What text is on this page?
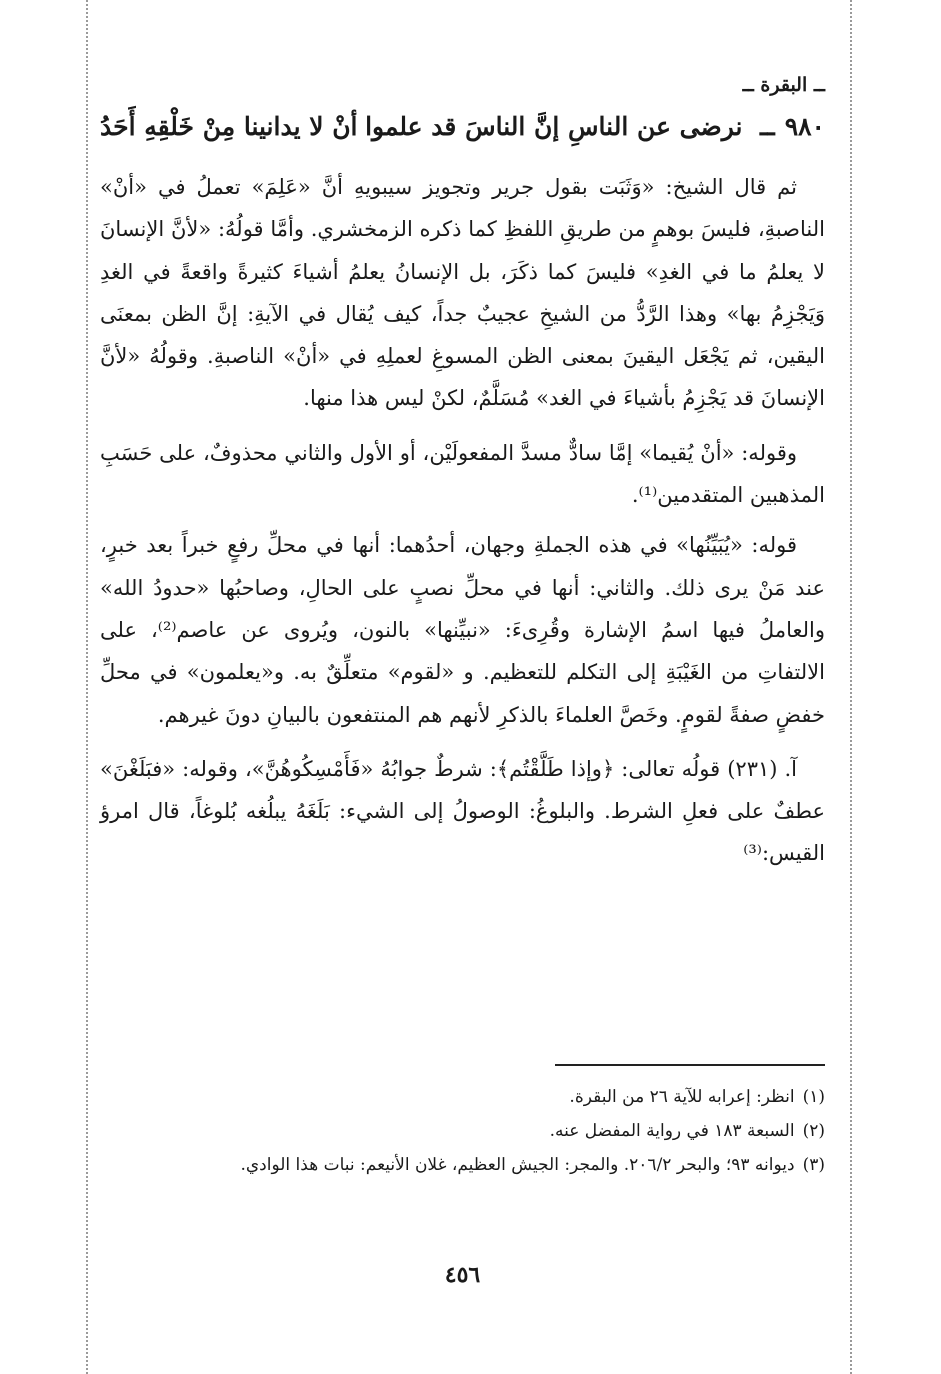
ــ البقرة ــ
٩٨٠ــ
نرضى عن الناسِ إنَّ الناسَ قد علموا
أنْ لا يدانينا مِنْ خَلْقِهِ أَحَدُ

ثم قال الشيخ: «وَثَبَت بقول جرير وتجويز سيبويهِ أنَّ «عَلِمَ» تعملُ في «أنْ» الناصبةِ، فليسَ بوهمٍ من طريقِ اللفظِ كما ذكره الزمخشري. وأمَّا قولُهُ: «لأنَّ الإنسانَ لا يعلمُ ما في الغدِ» فليسَ كما ذكَرَ، بل الإنسانُ يعلمُ أشياءَ كثيرةً واقعةً في الغدِ وَيَجْزِمُ بها» وهذا الرَّدُّ من الشيخِ عجيبٌ جداً، كيف يُقال في الآيةِ: إنَّ الظن بمعنَى اليقين، ثم يَجْعَل اليقينَ بمعنى الظن المسوغِ لعملِهِ في «أنْ» الناصبةِ. وقولُهُ «لأنَّ الإنسانَ قد يَجْزِمُ بأشياءَ في الغد» مُسَلَّمٌ، لكنْ ليس هذا منها.

وقوله: «أنْ يُقيما» إمَّا سادٌّ مسدَّ المفعولَيْن، أو الأول والثاني محذوفٌ، على حَسَبِ المذهبين المتقدمين⁽¹⁾.

قوله: «يُبَيِّنُها» في هذه الجملةِ وجهان، أحدُهما: أنها في محلِّ رفعٍ خبراً بعد خبرٍ، عند مَنْ يرى ذلك. والثاني: أنها في محلِّ نصبٍ على الحالِ، وصاحبُها «حدودُ الله» والعاملُ فيها اسمُ الإشارة وقُرِىءَ: «نبيِّنها» بالنون، ويُروى عن عاصم⁽²⁾، على الالتفاتِ من الغَيْبَةِ إلى التكلم للتعظيم. و «لقوم» متعلِّقٌ به. و«يعلمون» في محلِّ خفضٍ صفةً لقومٍ. وخَصَّ العلماءَ بالذكرِ لأنهم هم المنتفعون بالبيانِ دونَ غيرهم.

آ. (٢٣١) قولُه تعالى: ﴿وإذا طَلَّقْتُم﴾: شرطٌ جوابُهُ «فَأَمْسِكُوهُنَّ»، وقوله: «فبَلَغْنَ» عطفٌ على فعلِ الشرط. والبلوغُ: الوصولُ إلى الشيء: بَلَغَهُ يبلُغه بُلوغاً، قال امرؤ القيس:⁽³⁾

(١)
انظر: إعرابه للآية ٢٦ من البقرة.
(٢)
السبعة ١٨٣ في رواية المفضل عنه.
(٣)
ديوانه ٩٣؛ والبحر ٢٠٦/٢. والمجر: الجيش العظيم، غلان الأنيعم: نبات هذا الوادي.
٤٥٦
